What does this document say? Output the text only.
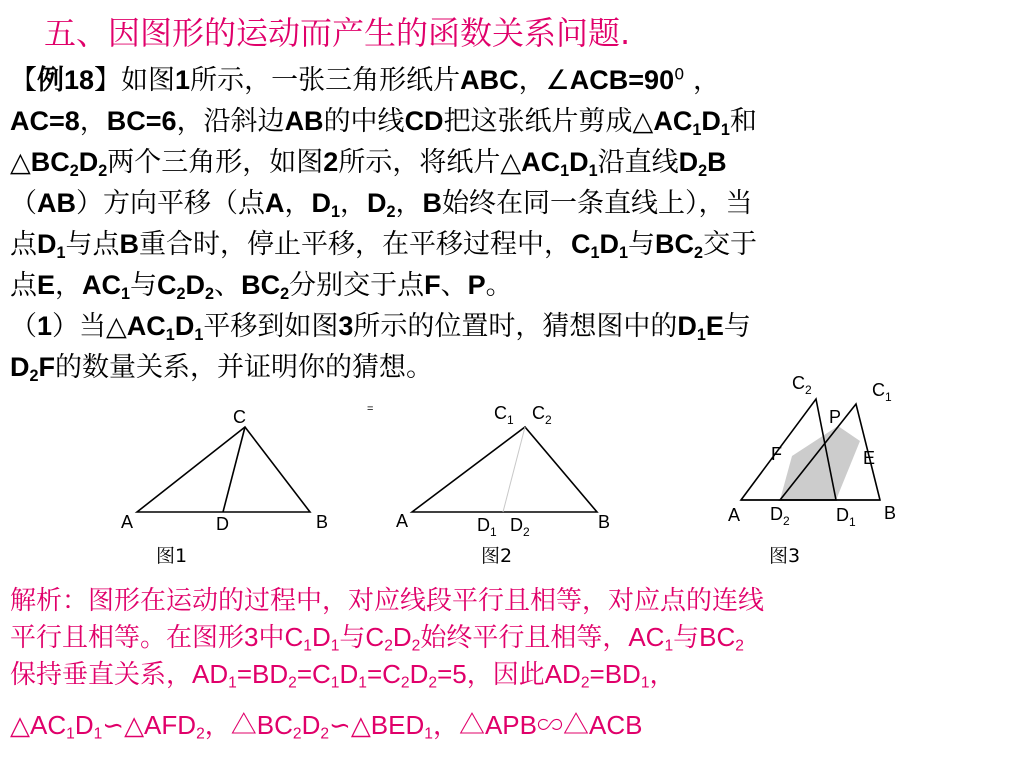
五、因图形的运动而产生的函数关系问题.
【例18】如图1所示，一张三角形纸片ABC，$\angle ACB=90^0$ ，
AC=8，BC=6，沿斜边AB的中线CD把这张纸片剪成$\triangle AC_1D_1$和
$\triangle BC_2D_2$两个三角形，如图2所示，将纸片$\triangle AC_1D_1$沿直线$D_2B$
（AB）方向平移（点A，$D_1$，$D_2$，B始终在同一条直线上），当
点$D_1$与点B重合时，停止平移，在平移过程中，$C_1D_1$与$BC_2$交于
点E，$AC_1$与$C_2D_2$、$BC_2$分别交于点F、P。
（1）当$\triangle AC_1D_1$平移到如图3所示的位置时，猜想图中的$D_1E$与
$D_2F$的数量关系，并证明你的猜想。
C
A	D	B
图1
=	$C_1$ $C_2$
A	B
$D_1$ $D_2$
图2
$C_2$	$C_1$
P
F	E
A	B
$D_2$	$D_1$
图3
解析：图形在运动的过程中，对应线段平行且相等，对应点的连线
平行且相等。在图形3中$C_1D_1$与$C_2D_2$始终平行且相等，$AC_1$与$BC_2$
保持垂直关系，$AD_1=BD_2=C_1D_1=C_2D_2=5$，因此$AD_2=BD_1$，
$\triangle AC_1D_1∽\triangle AFD_2$，$\triangle BC_2D_2∽\triangle BED_1$，△APB∽△ACB
